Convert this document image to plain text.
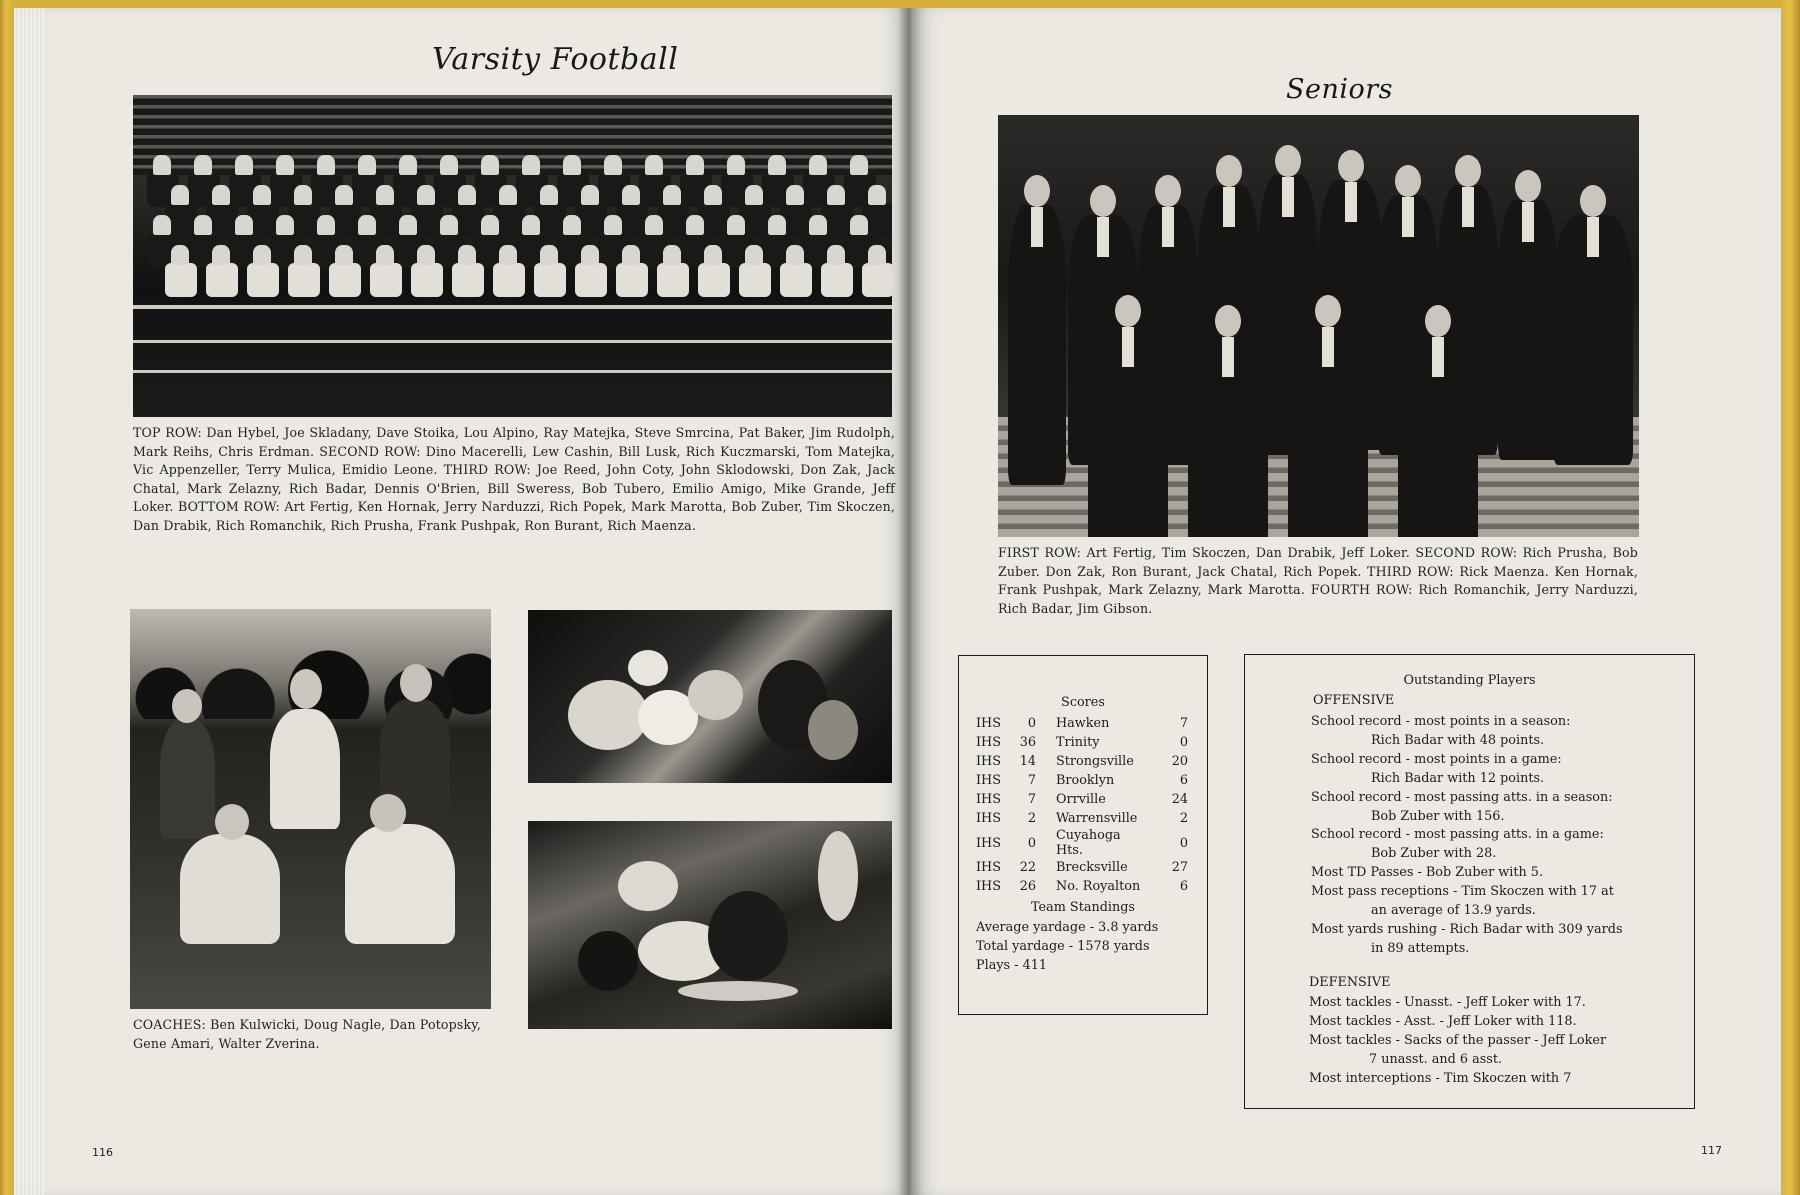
Varsity Football
TOP ROW: Dan Hybel, Joe Skladany, Dave Stoika, Lou Alpino, Ray Matejka, Steve Smrcina, Pat Baker, Jim Rudolph, Mark Reihs, Chris Erdman. SECOND ROW: Dino Macerelli, Lew Cashin, Bill Lusk, Rich Kuczmarski, Tom Matejka, Vic Appenzeller, Terry Mulica, Emidio Leone. THIRD ROW: Joe Reed, John Coty, John Sklodowski, Don Zak, Jack Chatal, Mark Zelazny, Rich Badar, Dennis O'Brien, Bill Sweress, Bob Tubero, Emilio Amigo, Mike Grande, Jeff Loker. BOTTOM ROW: Art Fertig, Ken Hornak, Jerry Narduzzi, Rich Popek, Mark Marotta, Bob Zuber, Tim Skoczen, Dan Drabik, Rich Romanchik, Rich Prusha, Frank Pushpak, Ron Burant, Rich Maenza.
COACHES: Ben Kulwicki, Doug Nagle, Dan Potopsky, Gene Amari, Walter Zverina.
116
Seniors
FIRST ROW: Art Fertig, Tim Skoczen, Dan Drabik, Jeff Loker. SECOND ROW: Rich Prusha, Bob Zuber. Don Zak, Ron Burant, Jack Chatal, Rich Popek. THIRD ROW: Rick Maenza. Ken Hornak, Frank Pushpak, Mark Zelazny, Mark Marotta. FOURTH ROW: Rich Romanchik, Jerry Narduzzi, Rich Badar, Jim Gibson.
Scores
IHS	0	Hawken	7
IHS	36	Trinity	0
IHS	14	Strongsville	20
IHS	7	Brooklyn	6
IHS	7	Orrville	24
IHS	2	Warrensville	2
IHS	0	Cuyahoga Hts.	0
IHS	22	Brecksville	27
IHS	26	No. Royalton	6
Team Standings
Average yardage - 3.8 yards
Total yardage - 1578 yards
Plays - 411
Outstanding Players
OFFENSIVE
School record - most points in a season:
Rich Badar with 48 points.
School record - most points in a game:
Rich Badar with 12 points.
School record - most passing atts. in a season:
Bob Zuber with 156.
School record - most passing atts. in a game:
Bob Zuber with 28.
Most TD Passes - Bob Zuber with 5.
Most pass receptions - Tim Skoczen with 17 at
an average of 13.9 yards.
Most yards rushing - Rich Badar with 309 yards
in 89 attempts.
DEFENSIVE
Most tackles - Unasst. - Jeff Loker with 17.
Most tackles - Asst. - Jeff Loker with 118.
Most tackles - Sacks of the passer - Jeff Loker
7 unasst. and 6 asst.
Most interceptions - Tim Skoczen with 7
117
